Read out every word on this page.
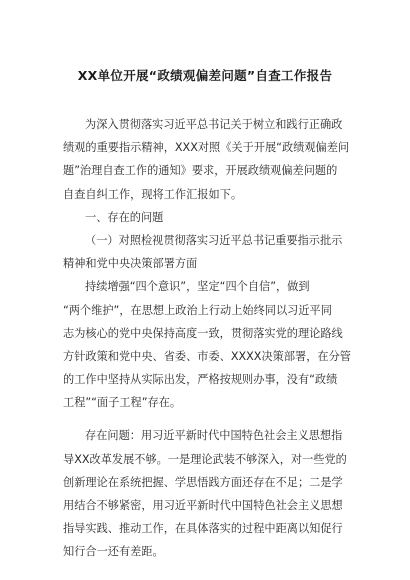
XX单位开展“政绩观偏差问题”自查工作报告
为深入贯彻落实习近平总书记关于树立和践行正确政
绩观的重要指示精神，XXX对照《关于开展“政绩观偏差问
题”治理自查工作的通知》要求，开展政绩观偏差问题的
自查自纠工作，现将工作汇报如下。
一、存在的问题
（一）对照检视贯彻落实习近平总书记重要指示批示
精神和党中央决策部署方面
持续增强“四个意识”，坚定“四个自信”，做到
“两个维护”，在思想上政治上行动上始终同以习近平同
志为核心的党中央保持高度一致，贯彻落实党的理论路线
方针政策和党中央、省委、市委、XXXX决策部署，在分管
的工作中坚持从实际出发，严格按规则办事，没有“政绩
工程”“面子工程”存在。
存在问题：用习近平新时代中国特色社会主义思想指
导XX改革发展不够。一是理论武装不够深入，对一些党的
创新理论在系统把握、学思悟践方面还存在不足；二是学
用结合不够紧密，用习近平新时代中国特色社会主义思想
指导实践、推动工作，在具体落实的过程中距离以知促行
知行合一还有差距。
